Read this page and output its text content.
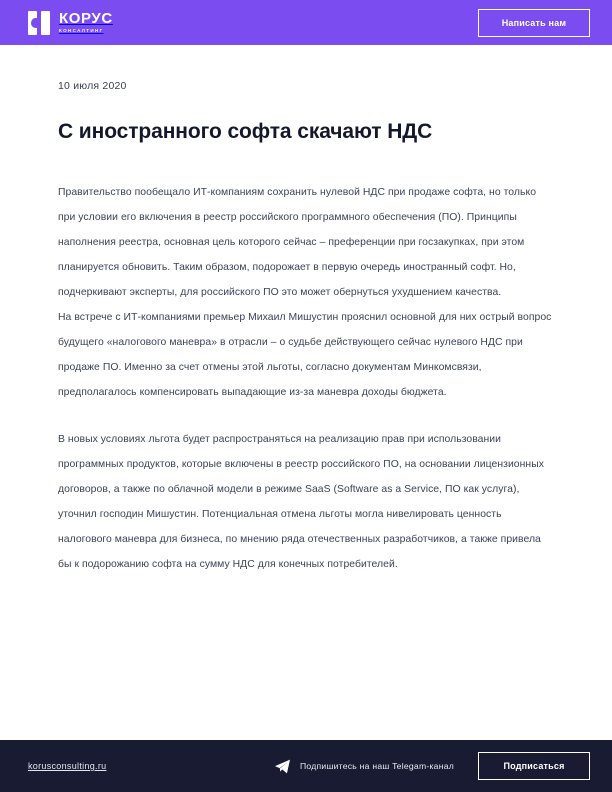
КОРУС
КОНСАЛТИНГ
Написать нам
10 июля 2020
С иностранного софта скачают НДС

Правительство пообещало ИТ-компаниям сохранить нулевой НДС при продаже софта, но только при условии его включения в реестр российского программного обеспечения (ПО). Принципы наполнения реестра, основная цель которого сейчас – преференции при госзакупках, при этом планируется обновить. Таким образом, подорожает в первую очередь иностранный софт. Но, подчеркивают эксперты, для российского ПО это может обернуться ухудшением качества.

На встрече с ИТ-компаниями премьер Михаил Мишустин прояснил основной для них острый вопрос будущего «налогового маневра» в отрасли – о судьбе действующего сейчас нулевого НДС при продаже ПО. Именно за счет отмены этой льготы, согласно документам Минкомсвязи, предполагалось компенсировать выпадающие из-за маневра доходы бюджета.

В новых условиях льгота будет распространяться на реализацию прав при использовании программных продуктов, которые включены в реестр российского ПО, на основании лицензионных договоров, а также по облачной модели в режиме SaaS (Software as a Service, ПО как услуга), уточнил господин Мишустин. Потенциальная отмена льготы могла нивелировать ценность налогового маневра для бизнеса, по мнению ряда отечественных разработчиков, а также привела бы к подорожанию софта на сумму НДС для конечных потребителей.

korusconsulting.ru	Подпишитесь на наш Telegam-канал	Подписаться
